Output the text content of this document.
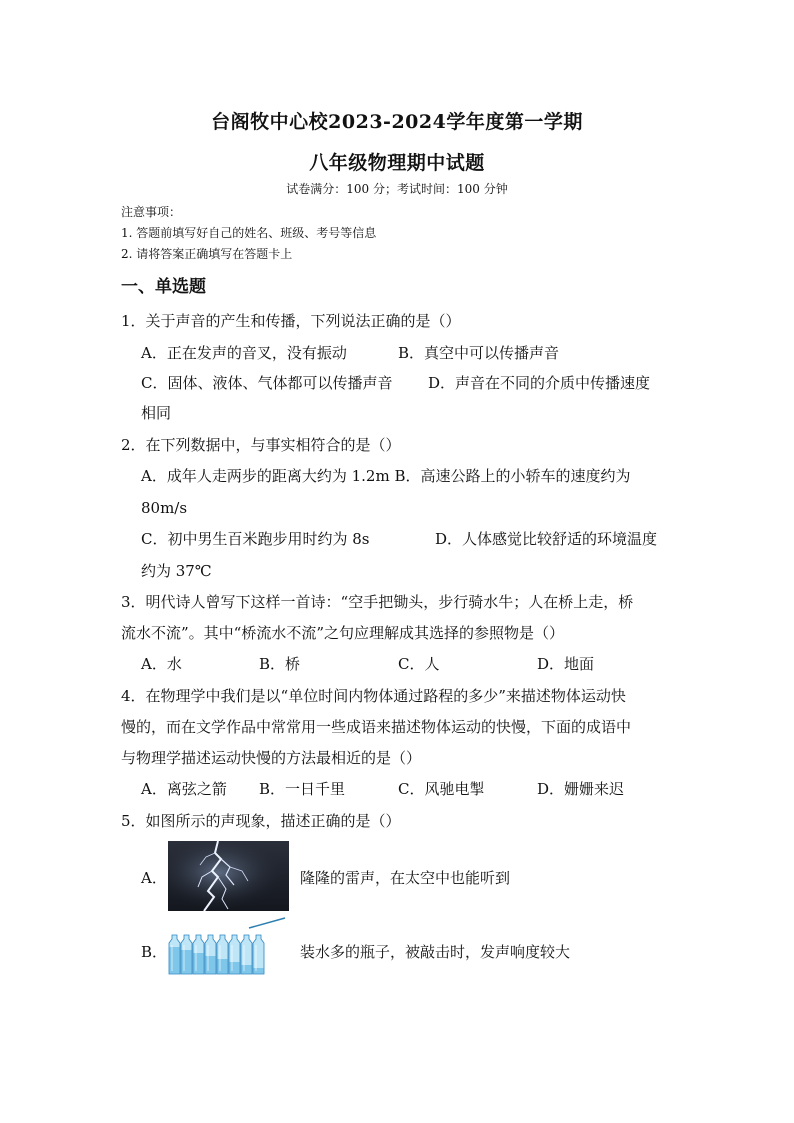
台阁牧中心校2023-2024学年度第一学期
八年级物理期中试题
试卷满分：100 分；考试时间：100 分钟
注意事项：
1. 答题前填写好自己的姓名、班级、考号等信息
2. 请将答案正确填写在答题卡上
一、单选题
1．关于声音的产生和传播，下列说法正确的是（）
A．正在发声的音叉，没有振动	B．真空中可以传播声音
C．固体、液体、气体都可以传播声音 D．声音在不同的介质中传播速度
相同
2．在下列数据中，与事实相符合的是（）
A．成年人走两步的距离大约为 1.2m B．高速公路上的小轿车的速度约为
80m/s
C．初中男生百米跑步用时约为 8s	D．人体感觉比较舒适的环境温度
约为 37℃
3．明代诗人曾写下这样一首诗：“空手把锄头，步行骑水牛；人在桥上走，桥
流水不流”。其中“桥流水不流”之句应理解成其选择的参照物是（）
A．水	B．桥	C．人	D．地面
4．在物理学中我们是以“单位时间内物体通过路程的多少”来描述物体运动快
慢的，而在文学作品中常常用一些成语来描述物体运动的快慢，下面的成语中
与物理学描述运动快慢的方法最相近的是（）
A．离弦之箭 B．一日千里	C．风驰电掣	D．姗姗来迟
5．如图所示的声现象，描述正确的是（）
A．	隆隆的雷声，在太空中也能听到
B．	装水多的瓶子，被敲击时，发声响度较大
